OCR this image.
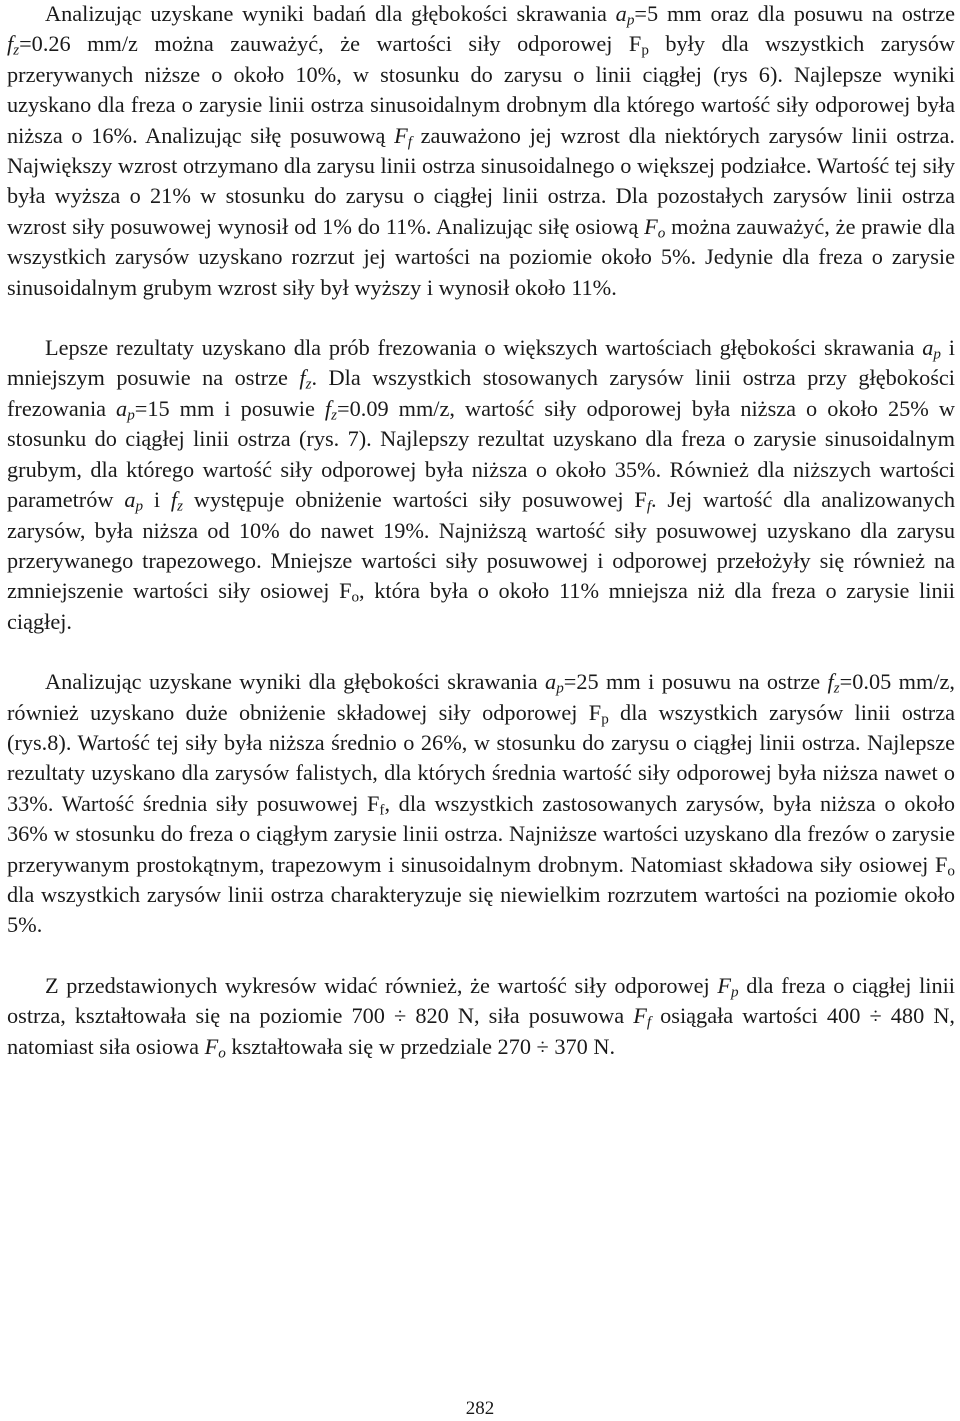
Analizując uzyskane wyniki badań dla głębokości skrawania $a_p=5$ mm oraz dla posuwu na ostrze $f_z=0.26$ mm/z można zauważyć, że wartości siły odporowej $F_p$ były dla wszystkich zarysów przerywanych niższe o około 10%, w stosunku do zarysu o linii ciągłej (rys 6). Najlepsze wyniki uzyskano dla freza o zarysie linii ostrza sinusoidalnym drobnym dla którego wartość siły odporowej była niższa o 16%. Analizując siłę posuwową $F_f$ zauważono jej wzrost dla niektórych zarysów linii ostrza. Największy wzrost otrzymano dla zarysu linii ostrza sinusoidalnego o większej podziałce. Wartość tej siły była wyższa o 21% w stosunku do zarysu o ciągłej linii ostrza. Dla pozostałych zarysów linii ostrza wzrost siły posuwowej wynosił od 1% do 11%. Analizując siłę osiową $F_o$ można zauważyć, że prawie dla wszystkich zarysów uzyskano rozrzut jej wartości na poziomie około 5%. Jedynie dla freza o zarysie sinusoidalnym grubym wzrost siły był wyższy i wynosił około 11%.

Lepsze rezultaty uzyskano dla prób frezowania o większych wartościach głębokości skrawania $a_p$ i mniejszym posuwie na ostrze $f_z$. Dla wszystkich stosowanych zarysów linii ostrza przy głębokości frezowania $a_p=15$ mm i posuwie $f_z=0.09$ mm/z, wartość siły odporowej była niższa o około 25% w stosunku do ciągłej linii ostrza (rys. 7). Najlepszy rezultat uzyskano dla freza o zarysie sinusoidalnym grubym, dla którego wartość siły odporowej była niższa o około 35%. Również dla niższych wartości parametrów $a_p$ i $f_z$ występuje obniżenie wartości siły posuwowej $F_f$. Jej wartość dla analizowanych zarysów, była niższa od 10% do nawet 19%. Najniższą wartość siły posuwowej uzyskano dla zarysu przerywanego trapezowego. Mniejsze wartości siły posuwowej i odporowej przełożyły się również na zmniejszenie wartości siły osiowej $F_o$, która była o około 11% mniejsza niż dla freza o zarysie linii ciągłej.

Analizując uzyskane wyniki dla głębokości skrawania $a_p=25$ mm i posuwu na ostrze $f_z=0.05$ mm/z, również uzyskano duże obniżenie składowej siły odporowej $F_p$ dla wszystkich zarysów linii ostrza (rys.8). Wartość tej siły była niższa średnio o 26%, w stosunku do zarysu o ciągłej linii ostrza. Najlepsze rezultaty uzyskano dla zarysów falistych, dla których średnia wartość siły odporowej była niższa nawet o 33%. Wartość średnia siły posuwowej $F_f$, dla wszystkich zastosowanych zarysów, była niższa o około 36% w stosunku do freza o ciągłym zarysie linii ostrza. Najniższe wartości uzyskano dla frezów o zarysie przerywanym prostokątnym, trapezowym i sinusoidalnym drobnym. Natomiast składowa siły osiowej $F_o$ dla wszystkich zarysów linii ostrza charakteryzuje się niewielkim rozrzutem wartości na poziomie około 5%.

Z przedstawionych wykresów widać również, że wartość siły odporowej $F_p$ dla freza o ciągłej linii ostrza, kształtowała się na poziomie 700 ÷ 820 N, siła posuwowa $F_f$ osiągała wartości 400 ÷ 480 N, natomiast siła osiowa $F_o$ kształtowała się w przedziale 270 ÷ 370 N.

282
